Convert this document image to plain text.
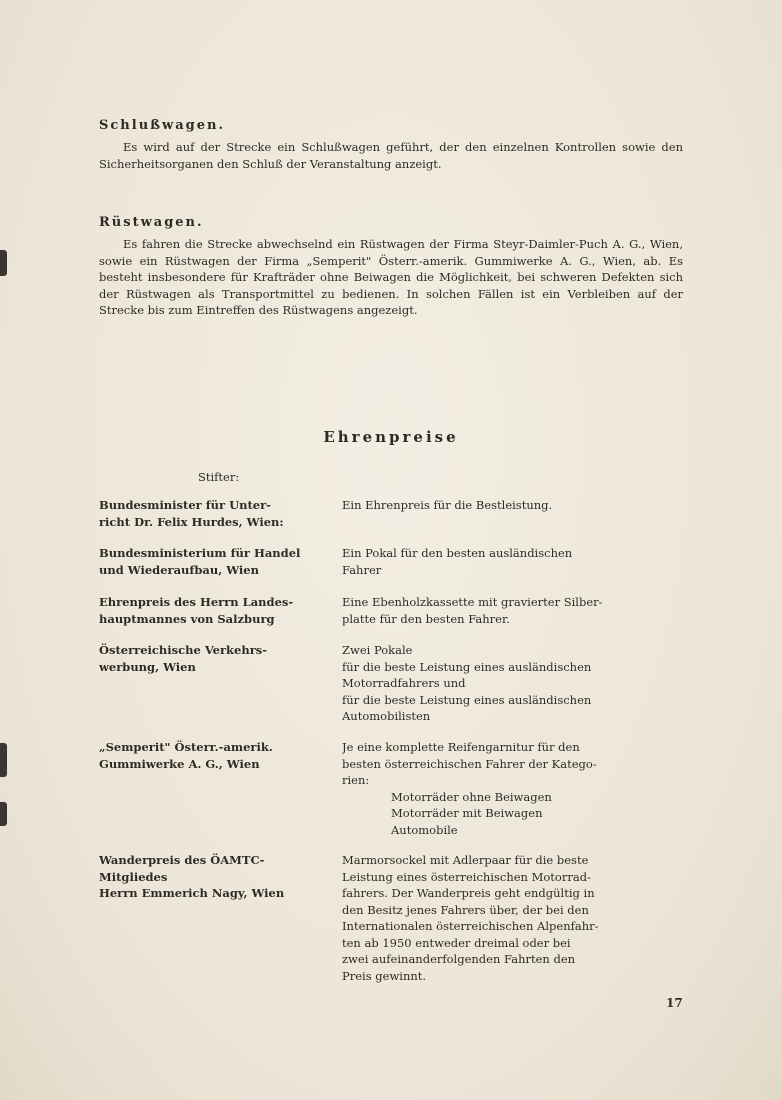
Schlußwagen.

Es wird auf der Strecke ein Schlußwagen geführt, der den einzelnen Kontrollen sowie den Sicherheitsorganen den Schluß der Veranstaltung anzeigt.

Rüstwagen.

Es fahren die Strecke abwechselnd ein Rüstwagen der Firma Steyr-Daimler-Puch A. G., Wien, sowie ein Rüstwagen der Firma „Semperit" Österr.-amerik. Gummiwerke A. G., Wien, ab. Es besteht insbesondere für Krafträder ohne Beiwagen die Möglichkeit, bei schweren Defekten sich der Rüstwagen als Transportmittel zu bedienen. In solchen Fällen ist ein Verbleiben auf der Strecke bis zum Eintreffen des Rüstwagens angezeigt.

Ehrenpreise
Stifter:
Bundesminister für Unter-
richt Dr. Felix Hurdes, Wien:
Ein Ehrenpreis für die Bestleistung.
Bundesministerium für Handel
und Wiederaufbau, Wien
Ein Pokal für den besten ausländischen
Fahrer
Ehrenpreis des Herrn Landes-
hauptmannes von Salzburg
Eine Ebenholzkassette mit gravierter Silber-
platte für den besten Fahrer.
Österreichische Verkehrs-
werbung, Wien
Zwei Pokale
für die beste Leistung eines ausländischen
Motorradfahrers und
für die beste Leistung eines ausländischen
Automobilisten
„Semperit" Österr.-amerik.
Gummiwerke A. G., Wien
Je eine komplette Reifengarnitur für den
besten österreichischen Fahrer der Katego-
rien:
Motorräder ohne Beiwagen
Motorräder mit Beiwagen
Automobile
Wanderpreis des ÖAMTC-
Mitgliedes
Herrn Emmerich Nagy, Wien
Marmorsockel mit Adlerpaar für die beste
Leistung eines österreichischen Motorrad-
fahrers. Der Wanderpreis geht endgültig in
den Besitz jenes Fahrers über, der bei den
Internationalen österreichischen Alpenfahr-
ten ab 1950 entweder dreimal oder bei
zwei aufeinanderfolgenden Fahrten den
Preis gewinnt.
17
